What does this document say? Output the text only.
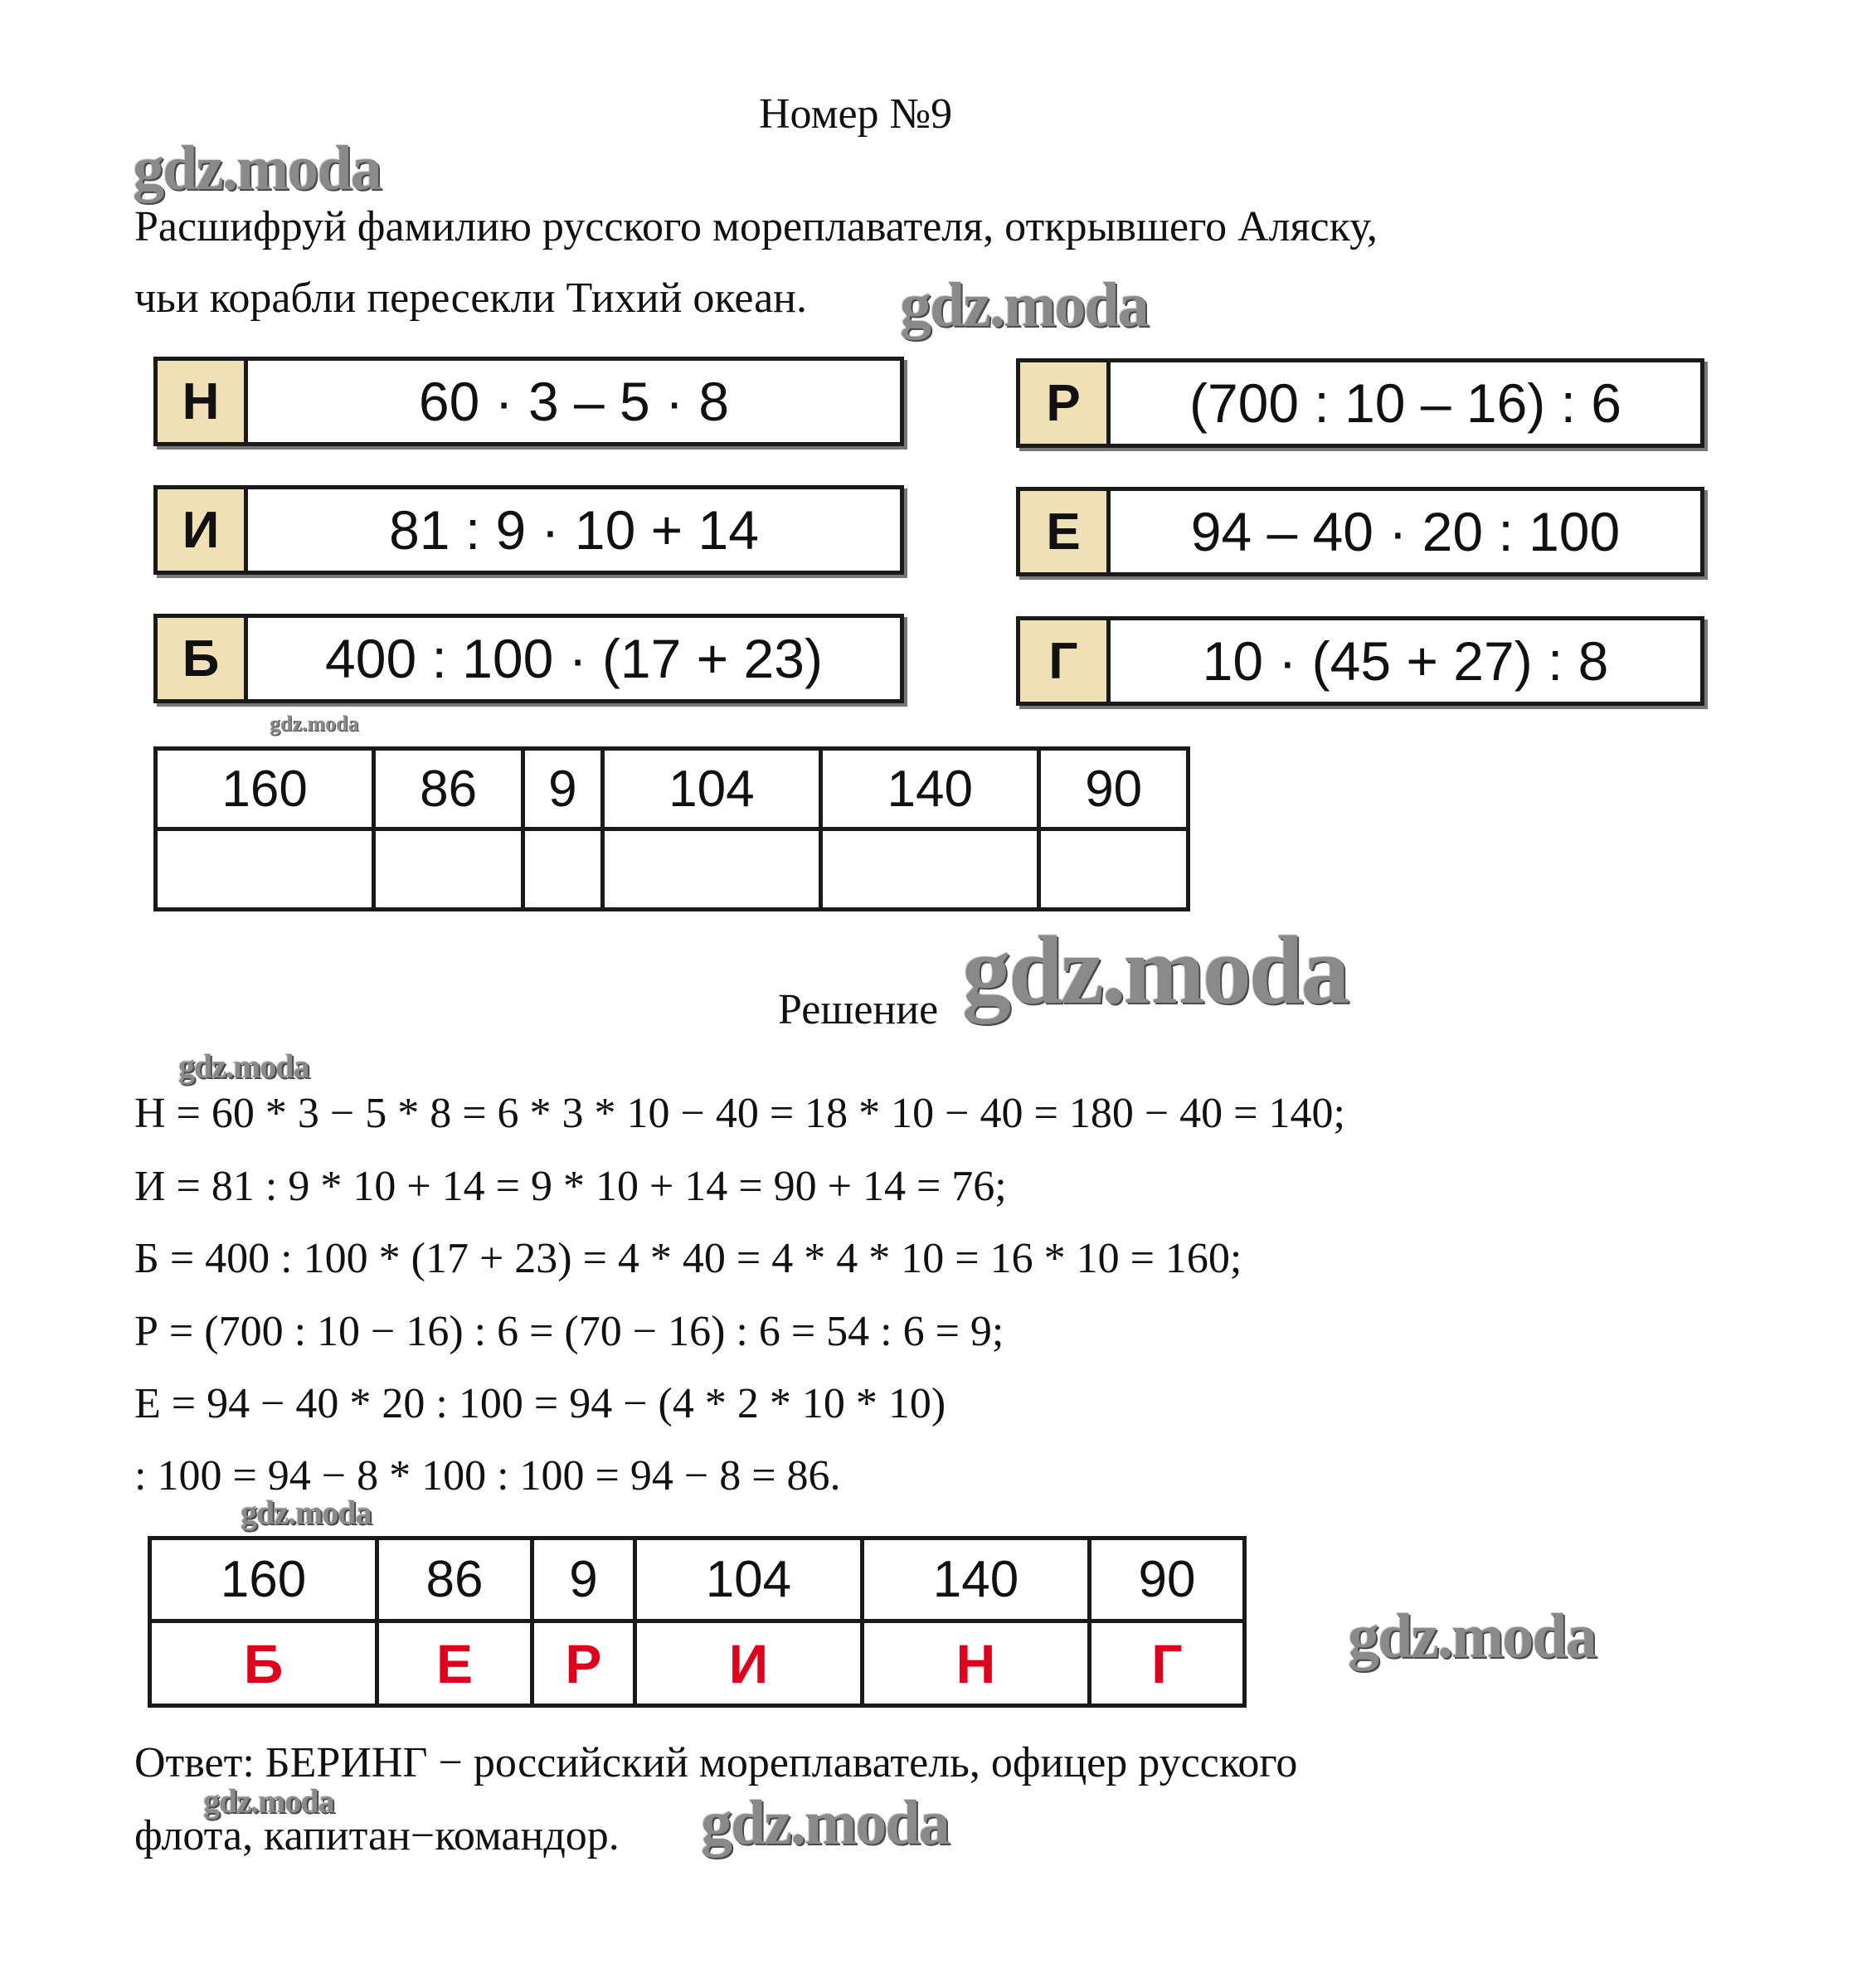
Номер №9
gdz.moda
gdz.moda
gdz.moda
gdz.moda
gdz.moda
gdz.moda
gdz.moda
gdz.moda	gdz.moda
Расшифруй фамилию русского мореплавателя, открывшего Аляску,
чьи корабли пересекли Тихий океан.
Н	60 · 3 – 5 · 8	Р	(700 : 10 – 16) : 6
И	81 : 9 · 10 + 14	Е	94 – 40 · 20 : 100
Б	400 : 100 · (17 + 23)	Г	10 · (45 + 27) : 8
160	86	9	104	140	90

Решение
Н = 60 * 3 − 5 * 8 = 6 * 3 * 10 − 40 = 18 * 10 − 40 = 180 − 40 = 140;
И = 81 : 9 * 10 + 14 = 9 * 10 + 14 = 90 + 14 = 76;
Б = 400 : 100 * (17 + 23) = 4 * 40 = 4 * 4 * 10 = 16 * 10 = 160;
Р = (700 : 10 − 16) : 6 = (70 − 16) : 6 = 54 : 6 = 9;
Е = 94 − 40 * 20 : 100 = 94 − (4 * 2 * 10 * 10)
: 100 = 94 − 8 * 100 : 100 = 94 − 8 = 86.
160	86	9	104	140	90
Б	Е	Р	И	Н	Г
Ответ: БЕРИНГ − российский мореплаватель, офицер русского
флота, капитан−командор.
